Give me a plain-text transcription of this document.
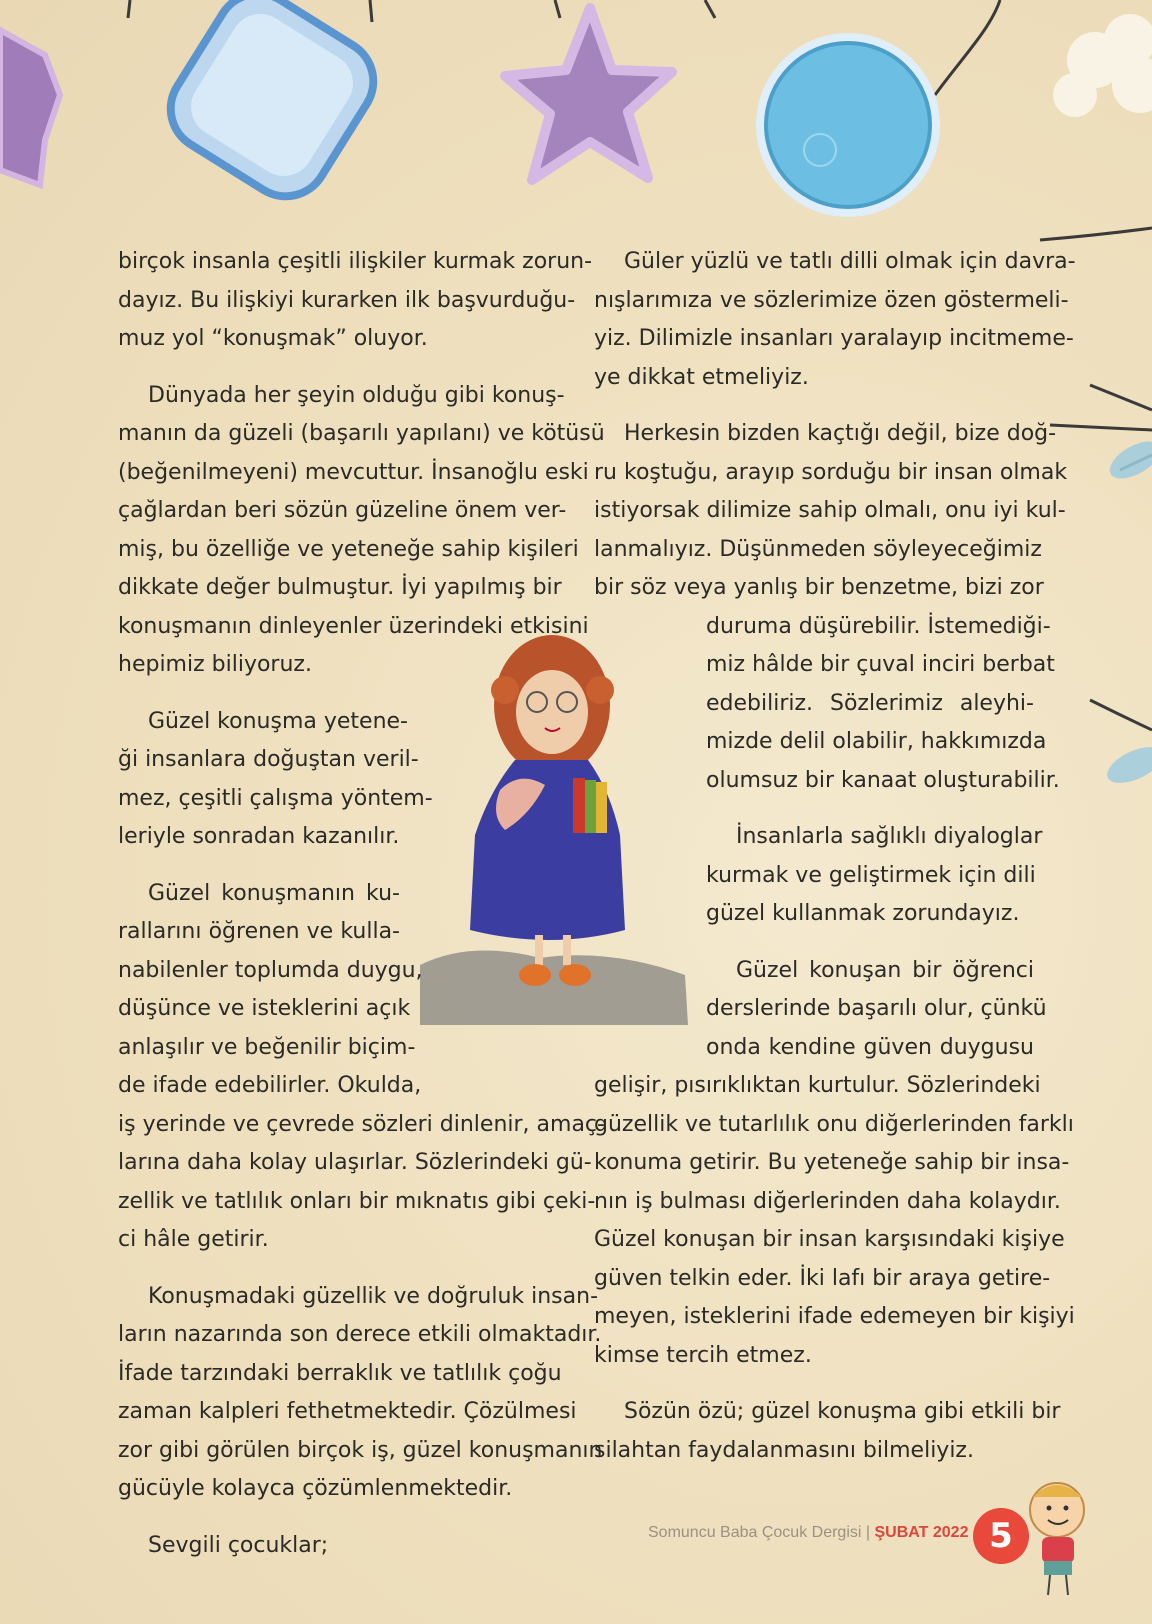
birçok insanla çeşitli ilişkiler kurmak zorun-
dayız. Bu ilişkiyi kurarken ilk başvurduğu-
muz yol “konuşmak” oluyor.

Dünyada her şeyin olduğu gibi konuş-
manın da güzeli (başarılı yapılanı) ve kötüsü
(beğenilmeyeni) mevcuttur. İnsanoğlu eski
çağlardan beri sözün güzeline önem ver-
miş, bu özelliğe ve yeteneğe sahip kişileri
dikkate değer bulmuştur. İyi yapılmış bir
konuşmanın dinleyenler üzerindeki etkisini
hepimiz biliyoruz.

Güzel konuşma yetene-
ği insanlara doğuştan veril-
mez, çeşitli çalışma yöntem-
leriyle sonradan kazanılır.

Güzel konuşmanın ku-
rallarını öğrenen ve kulla-
nabilenler toplumda duygu,
düşünce ve isteklerini açık
anlaşılır ve beğenilir biçim-
de ifade edebilirler. Okulda,
iş yerinde ve çevrede sözleri dinlenir, amaç-
larına daha kolay ulaşırlar. Sözlerindeki gü-
zellik ve tatlılık onları bir mıknatıs gibi çeki-
ci hâle getirir.

Konuşmadaki güzellik ve doğruluk insan-
ların nazarında son derece etkili olmaktadır.
İfade tarzındaki berraklık ve tatlılık çoğu
zaman kalpleri fethetmektedir. Çözülmesi
zor gibi görülen birçok iş, güzel konuşmanın
gücüyle kolayca çözümlenmektedir.

Sevgili çocuklar;

Güler yüzlü ve tatlı dilli olmak için davra-
nışlarımıza ve sözlerimize özen göstermeli-
yiz. Dilimizle insanları yaralayıp incitmeme-
ye dikkat etmeliyiz.

Herkesin bizden kaçtığı değil, bize doğ-
ru koştuğu, arayıp sorduğu bir insan olmak
istiyorsak dilimize sahip olmalı, onu iyi kul-
lanmalıyız. Düşünmeden söyleyeceğimiz
bir söz veya yanlış bir benzetme, bizi zor
duruma düşürebilir. İstemediği-
miz hâlde bir çuval inciri berbat
edebiliriz. Sözlerimiz aleyhi-
mizde delil olabilir, hakkımızda
olumsuz bir kanaat oluşturabilir.

İnsanlarla sağlıklı diyaloglar
kurmak ve geliştirmek için dili
güzel kullanmak zorundayız.

Güzel konuşan bir öğrenci
derslerinde başarılı olur, çünkü
onda kendine güven duygusu
gelişir, pısırıklıktan kurtulur. Sözlerindeki
güzellik ve tutarlılık onu diğerlerinden farklı
konuma getirir. Bu yeteneğe sahip bir insa-
nın iş bulması diğerlerinden daha kolaydır.
Güzel konuşan bir insan karşısındaki kişiye
güven telkin eder. İki lafı bir araya getire-
meyen, isteklerini ifade edemeyen bir kişiyi
kimse tercih etmez.

Sözün özü; güzel konuşma gibi etkili bir
silahtan faydalanmasını bilmeliyiz.

Somuncu Baba Çocuk Dergisi | ŞUBAT 2022 5
